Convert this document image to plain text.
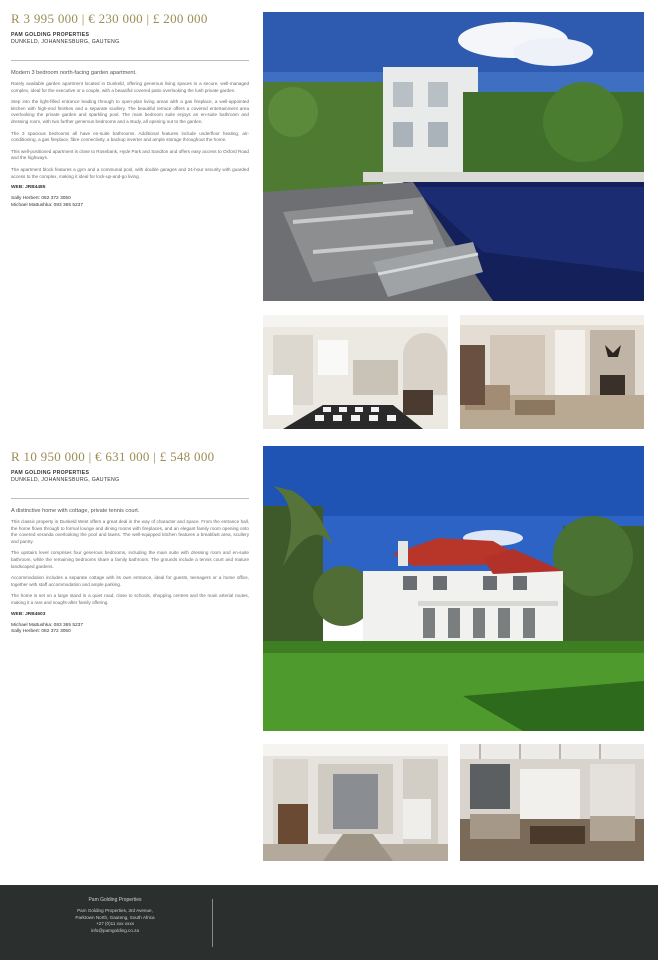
R 3 995 000 | € 230 000 | £ 200 000
PAM GOLDING PROPERTIES
DUNKELD, JOHANNESBURG, GAUTENG
Modern 3 bedroom north-facing garden apartment.

Rarely available garden apartment located in Dunkeld, offering generous living spaces in a secure, well-managed complex, ideal for the executive or a couple, with a beautiful covered patio overlooking the lush private garden.

Step into the light-filled entrance leading through to open-plan living areas with a gas fireplace, a well-appointed kitchen with high-end finishes and a separate scullery. The beautiful terrace offers a covered entertainment area overlooking the private garden and sparkling pool. The main bedroom suite enjoys an en-suite bathroom and dressing room, with two further generous bedrooms and a study, all opening out to the garden.

The 3 spacious bedrooms all have en-suite bathrooms. Additional features include underfloor heating, air-conditioning, a gas fireplace, fibre connectivity, a backup inverter and ample storage throughout the home.

This well-positioned apartment is close to Rosebank, Hyde Park and Sandton and offers easy access to Oxford Road and the highways.

The apartment block features a gym and a communal pool, with double garages and 24-hour security with guarded access to the complex, making it ideal for lock-up-and-go living.

WEB: JRB4485
Sally Herbert: 082 372 3050
Michael Mattushka: 083 365 5237
R 10 950 000 | € 631 000 | £ 548 000
PAM GOLDING PROPERTIES
DUNKELD, JOHANNESBURG, GAUTENG
A distinctive home with cottage, private tennis court.

This classic property in Dunkeld West offers a great deal in the way of character and space. From the entrance hall, the home flows through to formal lounge and dining rooms with fireplaces, and an elegant family room opening onto the covered veranda overlooking the pool and lawns. The well-equipped kitchen features a breakfast area, scullery and pantry.

The upstairs level comprises four generous bedrooms, including the main suite with dressing room and en-suite bathroom, while the remaining bedrooms share a family bathroom. The grounds include a tennis court and mature landscaped gardens.

Accommodation includes a separate cottage with its own entrance, ideal for guests, teenagers or a home office, together with staff accommodation and ample parking.

The home is set on a large stand in a quiet road, close to schools, shopping centres and the main arterial routes, making it a rare and sought-after family offering.

WEB: JRB4603
Michael Mattushka: 083 365 5237
Sally Herbert: 082 372 3050
Pam Golding Properties
Pam Golding Properties, 3rd Avenue,
Parktown North, Gauteng, South Africa
+27 (0)11 xxx xxxx
info@pamgolding.co.za
